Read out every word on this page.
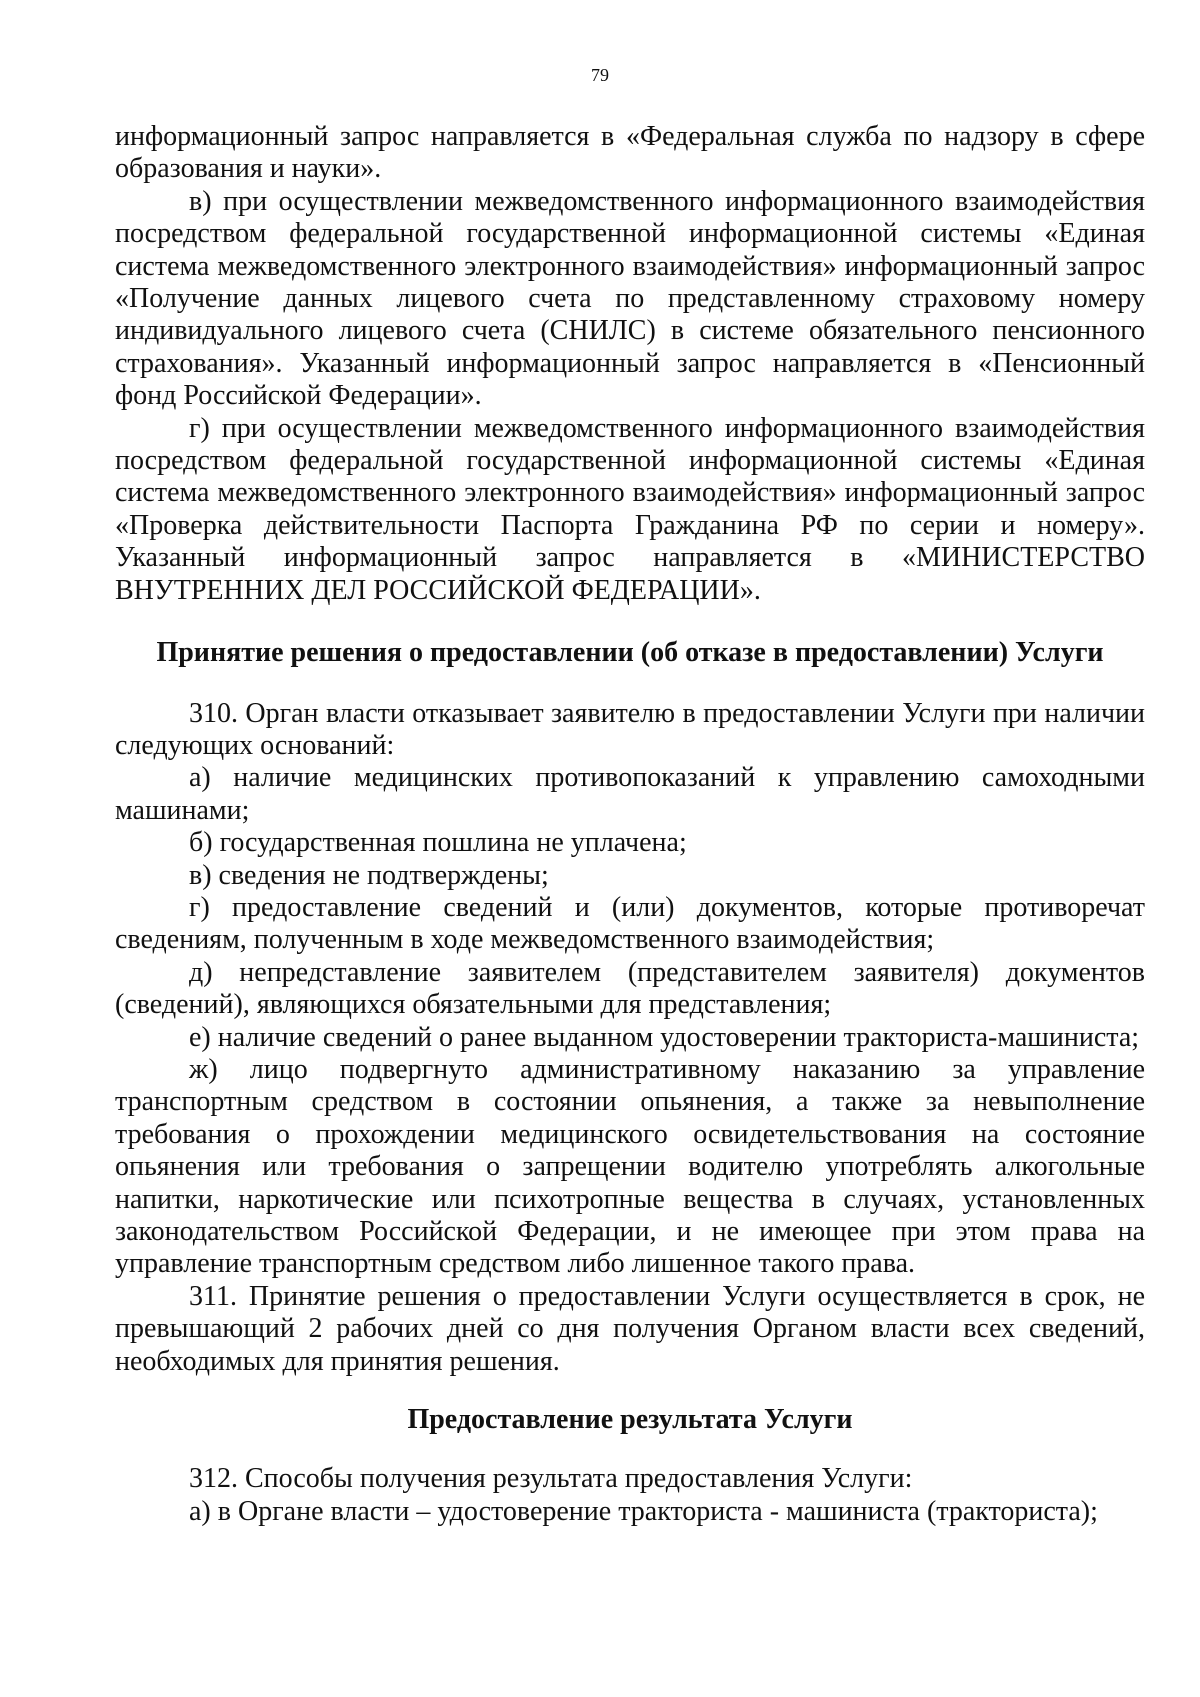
79

информационный запрос направляется в «Федеральная служба по надзору в сфере образования и науки».

в) при осуществлении межведомственного информационного взаимодействия посредством федеральной государственной информационной системы «Единая система межведомственного электронного взаимодействия» информационный запрос «Получение данных лицевого счета по представленному страховому номеру индивидуального лицевого счета (СНИЛС) в системе обязательного пенсионного страхования». Указанный информационный запрос направляется в «Пенсионный фонд Российской Федерации».

г) при осуществлении межведомственного информационного взаимодействия посредством федеральной государственной информационной системы «Единая система межведомственного электронного взаимодействия» информационный запрос «Проверка действительности Паспорта Гражданина РФ по серии и номеру». Указанный информационный запрос направляется в «МИНИСТЕРСТВО ВНУТРЕННИХ ДЕЛ РОССИЙСКОЙ ФЕДЕРАЦИИ».

Принятие решения о предоставлении (об отказе в предоставлении) Услуги

310. Орган власти отказывает заявителю в предоставлении Услуги при наличии следующих оснований:

а) наличие медицинских противопоказаний к управлению самоходными машинами;

б) государственная пошлина не уплачена;

в) сведения не подтверждены;

г) предоставление сведений и (или) документов, которые противоречат сведениям, полученным в ходе межведомственного взаимодействия;

д) непредставление заявителем (представителем заявителя) документов (сведений), являющихся обязательными для представления;

е) наличие сведений о ранее выданном удостоверении тракториста-машиниста;

ж) лицо подвергнуто административному наказанию за управление транспортным средством в состоянии опьянения, а также за невыполнение требования о прохождении медицинского освидетельствования на состояние опьянения или требования о запрещении водителю употреблять алкогольные напитки, наркотические или психотропные вещества в случаях, установленных законодательством Российской Федерации, и не имеющее при этом права на управление транспортным средством либо лишенное такого права.

311. Принятие решения о предоставлении Услуги осуществляется в срок, не превышающий 2 рабочих дней со дня получения Органом власти всех сведений, необходимых для принятия решения.

Предоставление результата Услуги

312. Способы получения результата предоставления Услуги:

а) в Органе власти – удостоверение тракториста - машиниста (тракториста);
